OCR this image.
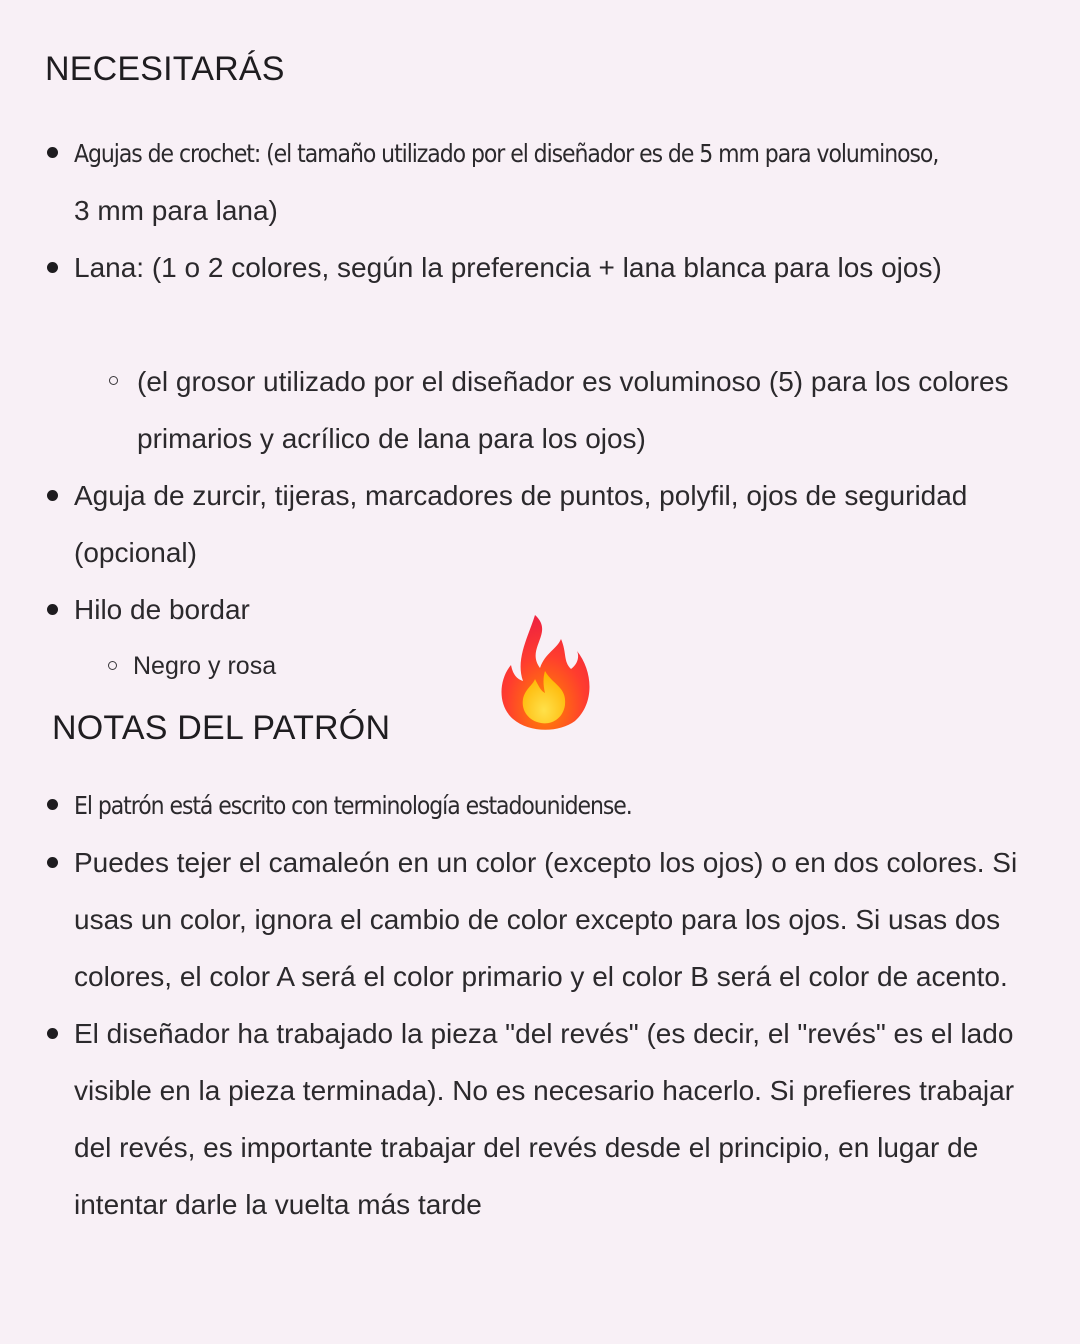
NECESITARÁS
Agujas de crochet: (el tamaño utilizado por el diseñador es de 5 mm para voluminoso,
3 mm para lana)
Lana: (1 o 2 colores, según la preferencia + lana blanca para los ojos)
(el grosor utilizado por el diseñador es voluminoso (5) para los colores primarios y acrílico de lana para los ojos)
Aguja de zurcir, tijeras, marcadores de puntos, polyfil, ojos de seguridad (opcional)
Hilo de bordar
Negro y rosa
NOTAS DEL PATRÓN
El patrón está escrito con terminología estadounidense.
Puedes tejer el camaleón en un color (excepto los ojos) o en dos colores. Si usas un color, ignora el cambio de color excepto para los ojos. Si usas dos colores, el color A será el color primario y el color B será el color de acento.
El diseñador ha trabajado la pieza "del revés" (es decir, el "revés" es el lado visible en la pieza terminada). No es necesario hacerlo. Si prefieres trabajar del revés, es importante trabajar del revés desde el principio, en lugar de intentar darle la vuelta más tarde
